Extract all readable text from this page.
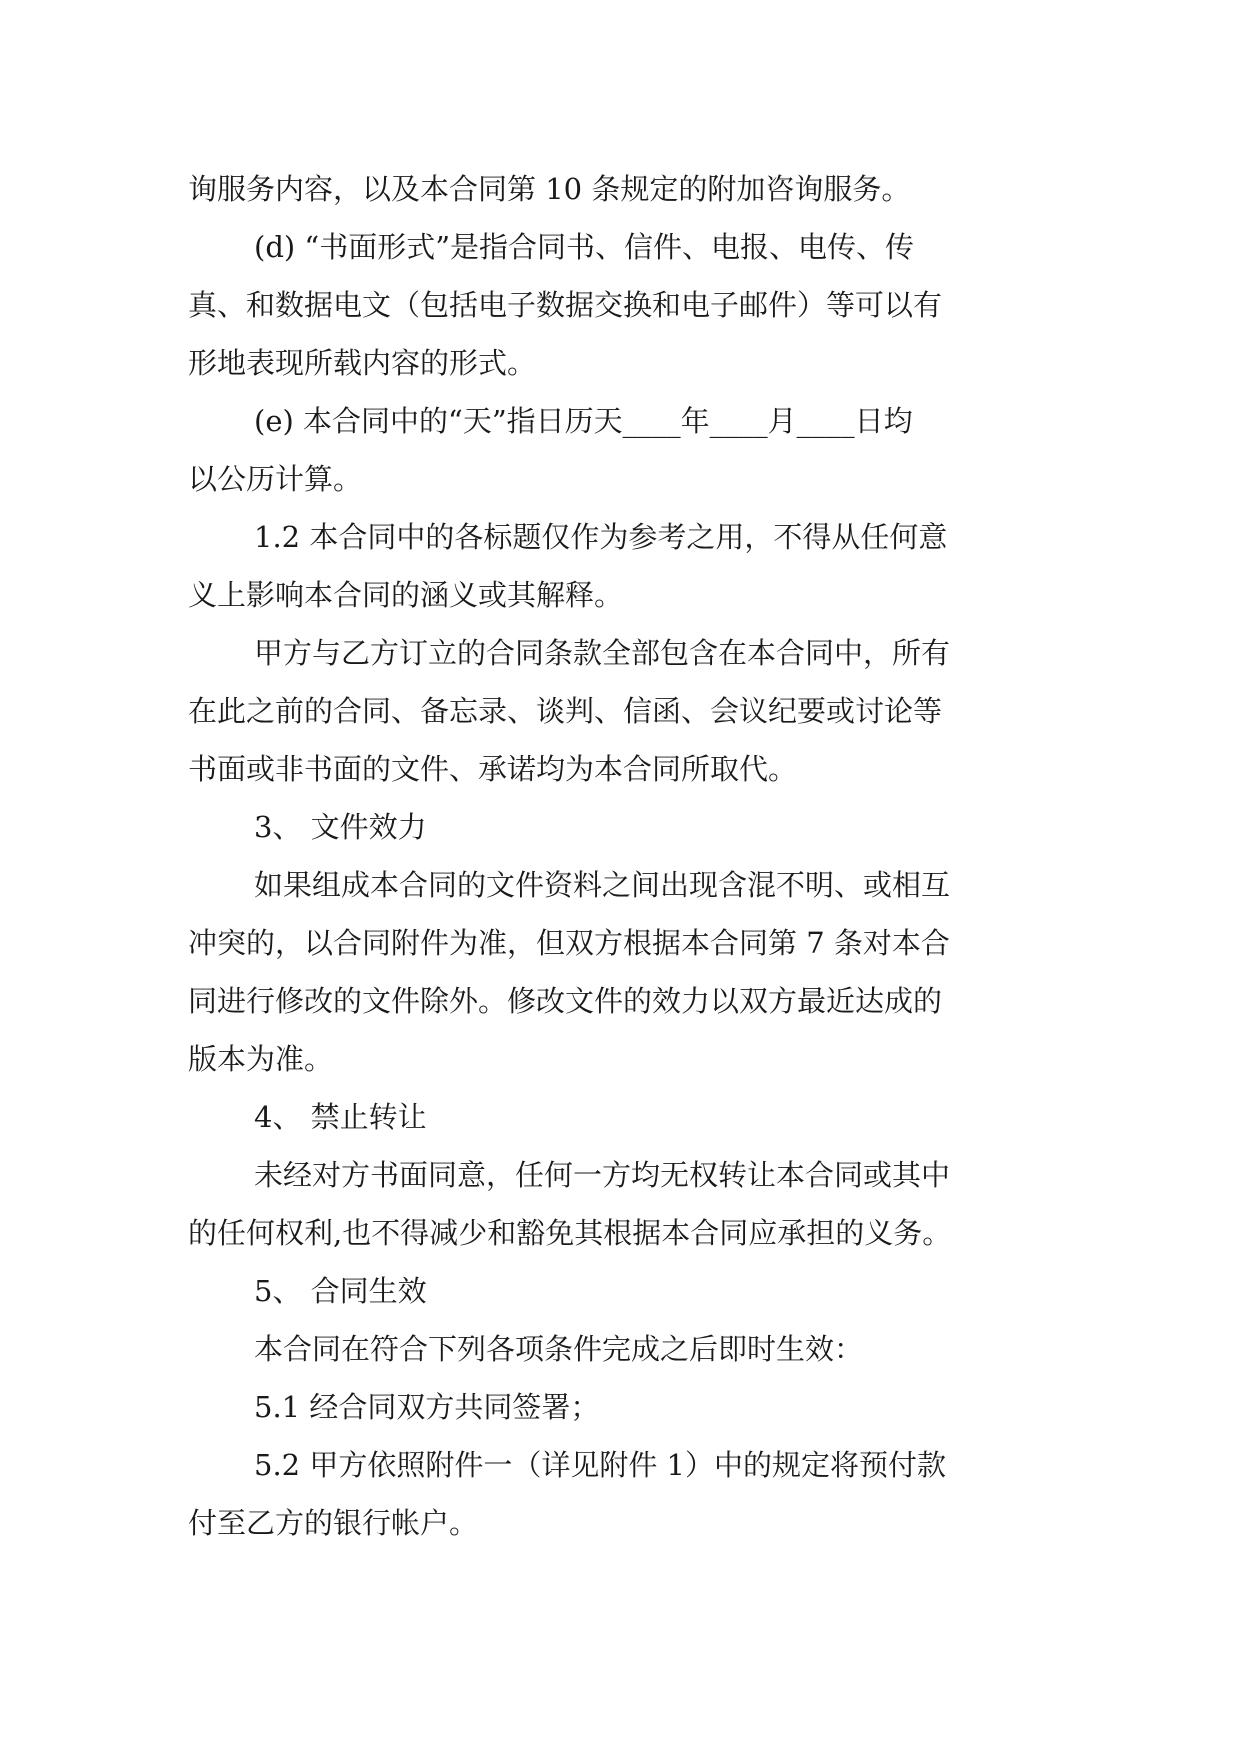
询服务内容，以及本合同第 10 条规定的附加咨询服务。
(d) “书面形式”是指合同书、信件、电报、电传、传
真、和数据电文（包括电子数据交换和电子邮件）等可以有
形地表现所载内容的形式。
(e) 本合同中的“天”指日历天____年____月____日均
以公历计算。
1.2 本合同中的各标题仅作为参考之用，不得从任何意
义上影响本合同的涵义或其解释。
甲方与乙方订立的合同条款全部包含在本合同中，所有
在此之前的合同、备忘录、谈判、信函、会议纪要或讨论等
书面或非书面的文件、承诺均为本合同所取代。
3、 文件效力
如果组成本合同的文件资料之间出现含混不明、或相互
冲突的，以合同附件为准，但双方根据本合同第 7 条对本合
同进行修改的文件除外。修改文件的效力以双方最近达成的
版本为准。
4、 禁止转让
未经对方书面同意，任何一方均无权转让本合同或其中
的任何权利,也不得减少和豁免其根据本合同应承担的义务。
5、 合同生效
本合同在符合下列各项条件完成之后即时生效：
5.1 经合同双方共同签署；
5.2 甲方依照附件一（详见附件 1）中的规定将预付款
付至乙方的银行帐户。
